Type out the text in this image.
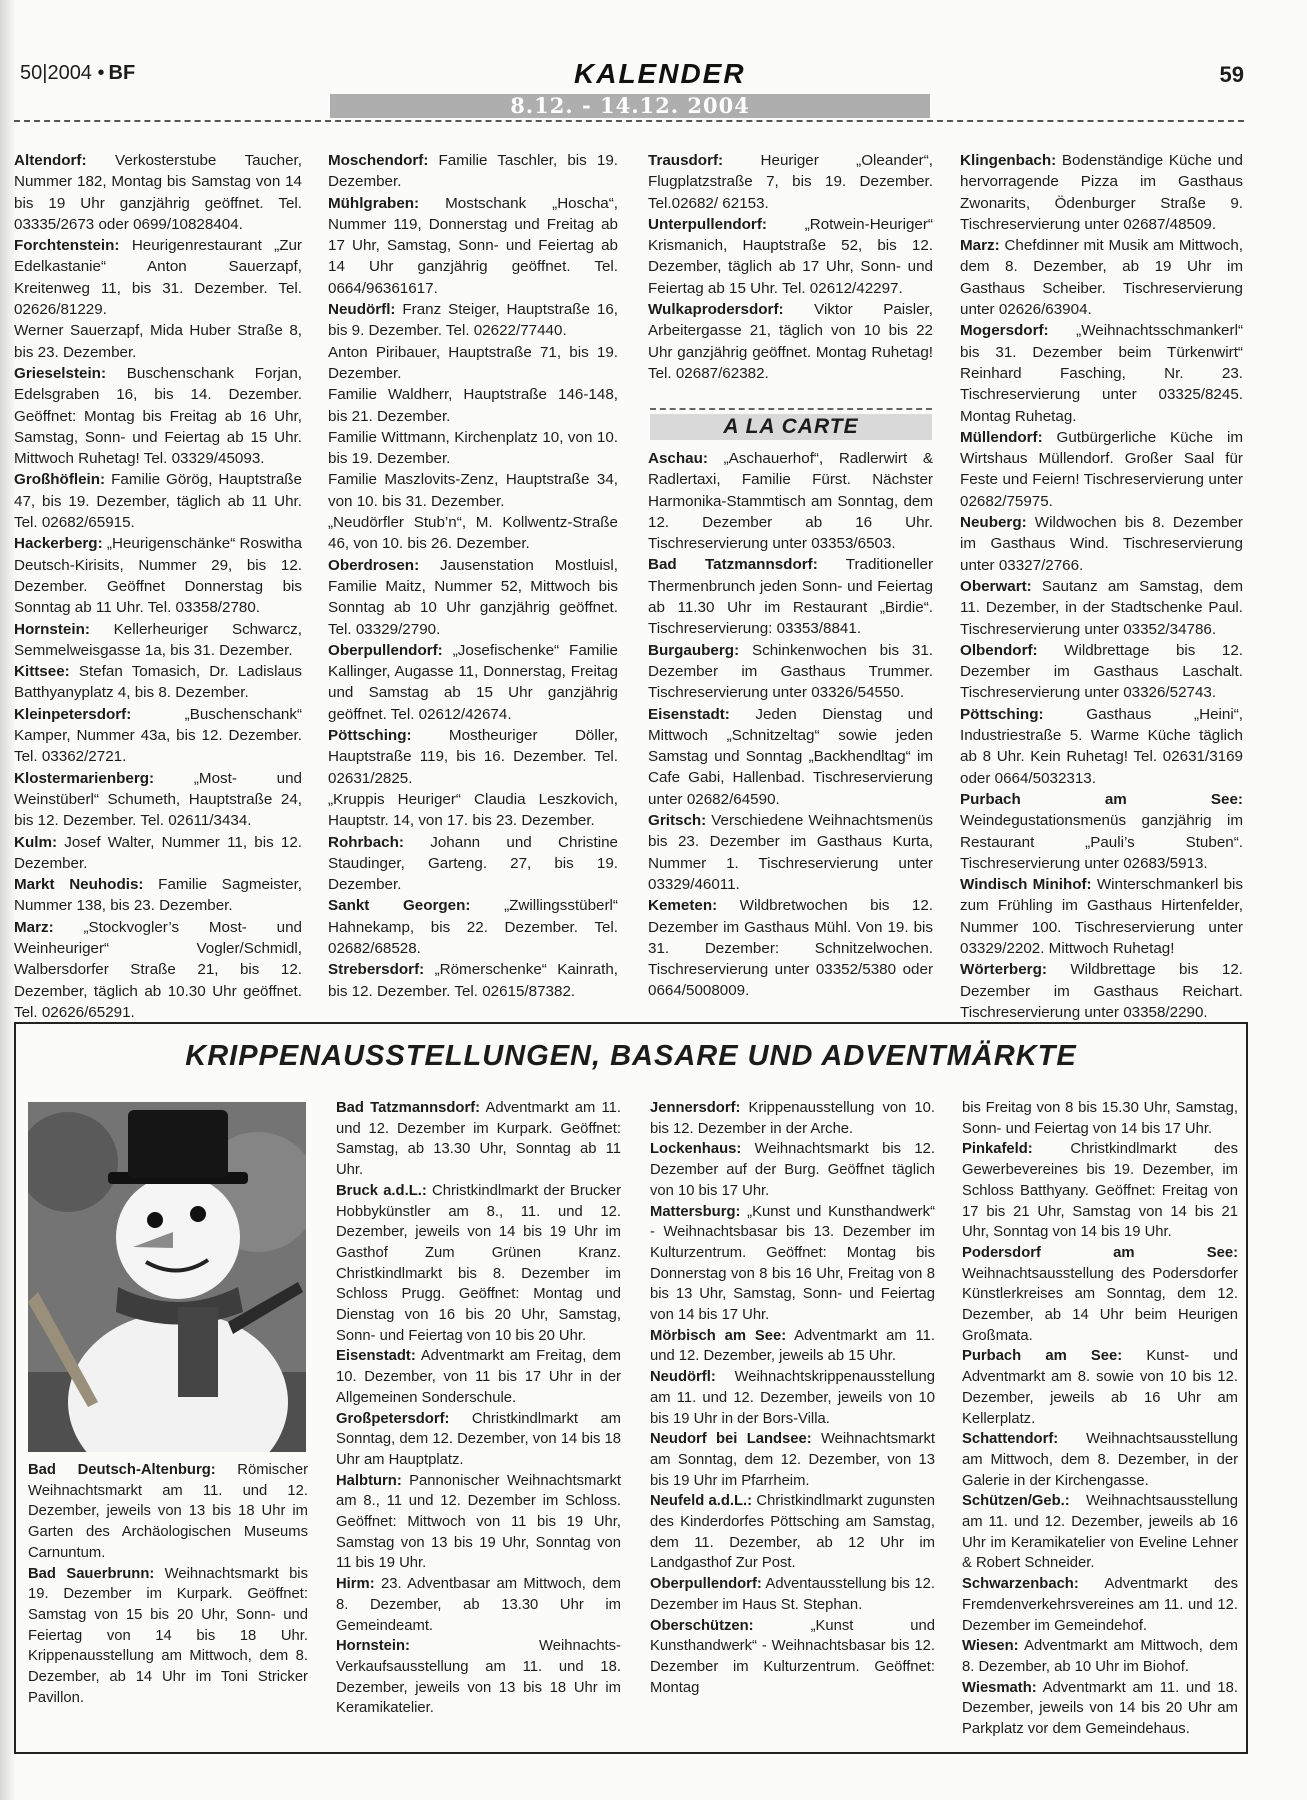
50|2004 • BF	KALENDER	59
8.12. - 14.12. 2004

Altendorf: Verkosterstube Taucher, Nummer 182, Montag bis Samstag von 14 bis 19 Uhr ganzjährig geöffnet. Tel. 03335/2673 oder 0699/10828404.

Forchtenstein: Heurigenrestaurant „Zur Edelkastanie“ Anton Sauerzapf, Kreitenweg 11, bis 31. Dezember. Tel. 02626/81229.

Werner Sauerzapf, Mida Huber Straße 8, bis 23. Dezember.

Grieselstein: Buschenschank Forjan, Edelsgraben 16, bis 14. Dezember. Geöffnet: Montag bis Freitag ab 16 Uhr, Samstag, Sonn- und Feiertag ab 15 Uhr. Mittwoch Ruhetag! Tel. 03329/45093.

Großhöflein: Familie Görög, Hauptstraße 47, bis 19. Dezember, täglich ab 11 Uhr. Tel. 02682/65915.

Hackerberg: „Heurigenschänke“ Roswitha Deutsch-Kirisits, Nummer 29, bis 12. Dezember. Geöffnet Donnerstag bis Sonntag ab 11 Uhr. Tel. 03358/2780.

Hornstein: Kellerheuriger Schwarcz, Semmelweisgasse 1a, bis 31. Dezember.

Kittsee: Stefan Tomasich, Dr. Ladislaus Batthyanyplatz 4, bis 8. Dezember.

Kleinpetersdorf: „Buschenschank“ Kamper, Nummer 43a, bis 12. Dezember. Tel. 03362/2721.

Klostermarienberg: „Most- und Weinstüberl“ Schumeth, Hauptstraße 24, bis 12. Dezember. Tel. 02611/3434.

Kulm: Josef Walter, Nummer 11, bis 12. Dezember.

Markt Neuhodis: Familie Sagmeister, Nummer 138, bis 23. Dezember.

Marz: „Stockvogler’s Most- und Weinheuriger“ Vogler/Schmidl, Walbersdorfer Straße 21, bis 12. Dezember, täglich ab 10.30 Uhr geöffnet. Tel. 02626/65291.

Moschendorf: Familie Taschler, bis 19. Dezember.

Mühlgraben: Mostschank „Hoscha“, Nummer 119, Donnerstag und Freitag ab 17 Uhr, Samstag, Sonn- und Feiertag ab 14 Uhr ganzjährig geöffnet. Tel. 0664/96361617.

Neudörfl: Franz Steiger, Hauptstraße 16, bis 9. Dezember. Tel. 02622/77440.

Anton Piribauer, Hauptstraße 71, bis 19. Dezember.

Familie Waldherr, Hauptstraße 146-148, bis 21. Dezember.

Familie Wittmann, Kirchenplatz 10, von 10. bis 19. Dezember.

Familie Maszlovits-Zenz, Hauptstraße 34, von 10. bis 31. Dezember.

„Neudörfler Stub’n“, M. Kollwentz-Straße 46, von 10. bis 26. Dezember.

Oberdrosen: Jausenstation Mostluisl, Familie Maitz, Nummer 52, Mittwoch bis Sonntag ab 10 Uhr ganzjährig geöffnet. Tel. 03329/2790.

Oberpullendorf: „Josefischenke“ Familie Kallinger, Augasse 11, Donnerstag, Freitag und Samstag ab 15 Uhr ganzjährig geöffnet. Tel. 02612/42674.

Pöttsching: Mostheuriger Döller, Hauptstraße 119, bis 16. Dezember. Tel. 02631/2825.

„Kruppis Heuriger“ Claudia Leszkovich, Hauptstr. 14, von 17. bis 23. Dezember.

Rohrbach: Johann und Christine Staudinger, Garteng. 27, bis 19. Dezember.

Sankt Georgen: „Zwillingsstüberl“ Hahnekamp, bis 22. Dezember. Tel. 02682/68528.

Strebersdorf: „Römerschenke“ Kainrath, bis 12. Dezember. Tel. 02615/87382.

Trausdorf: Heuriger „Oleander“, Flugplatzstraße 7, bis 19. Dezember. Tel.02682/ 62153.

Unterpullendorf: „Rotwein-Heuriger“ Krismanich, Hauptstraße 52, bis 12. Dezember, täglich ab 17 Uhr, Sonn- und Feiertag ab 15 Uhr. Tel. 02612/42297.

Wulkaprodersdorf: Viktor Paisler, Arbeitergasse 21, täglich von 10 bis 22 Uhr ganzjährig geöffnet. Montag Ruhetag! Tel. 02687/62382.

A LA CARTE

Aschau: „Aschauerhof“, Radlerwirt & Radlertaxi, Familie Fürst. Nächster Harmonika-Stammtisch am Sonntag, dem 12. Dezember ab 16 Uhr. Tischreservierung unter 03353/6503.

Bad Tatzmannsdorf: Traditioneller Thermenbrunch jeden Sonn- und Feiertag ab 11.30 Uhr im Restaurant „Birdie“. Tischreservierung: 03353/8841.

Burgauberg: Schinkenwochen bis 31. Dezember im Gasthaus Trummer. Tischreservierung unter 03326/54550.

Eisenstadt: Jeden Dienstag und Mittwoch „Schnitzeltag“ sowie jeden Samstag und Sonntag „Backhendltag“ im Cafe Gabi, Hallenbad. Tischreservierung unter 02682/64590.

Gritsch: Verschiedene Weihnachtsmenüs bis 23. Dezember im Gasthaus Kurta, Nummer 1. Tischreservierung unter 03329/46011.

Kemeten: Wildbretwochen bis 12. Dezember im Gasthaus Mühl. Von 19. bis 31. Dezember: Schnitzelwochen. Tischreservierung unter 03352/5380 oder 0664/5008009.

Klingenbach: Bodenständige Küche und hervorragende Pizza im Gasthaus Zwonarits, Ödenburger Straße 9. Tischreservierung unter 02687/48509.

Marz: Chefdinner mit Musik am Mittwoch, dem 8. Dezember, ab 19 Uhr im Gasthaus Scheiber. Tischreservierung unter 02626/63904.

Mogersdorf: „Weihnachtsschmankerl“ bis 31. Dezember beim Türkenwirt“ Reinhard Fasching, Nr. 23. Tischreservierung unter 03325/8245. Montag Ruhetag.

Müllendorf: Gutbürgerliche Küche im Wirtshaus Müllendorf. Großer Saal für Feste und Feiern! Tischreservierung unter 02682/75975.

Neuberg: Wildwochen bis 8. Dezember im Gasthaus Wind. Tischreservierung unter 03327/2766.

Oberwart: Sautanz am Samstag, dem 11. Dezember, in der Stadtschenke Paul. Tischreservierung unter 03352/34786.

Olbendorf: Wildbrettage bis 12. Dezember im Gasthaus Laschalt. Tischreservierung unter 03326/52743.

Pöttsching: Gasthaus „Heini“, Industriestraße 5. Warme Küche täglich ab 8 Uhr. Kein Ruhetag! Tel. 02631/3169 oder 0664/5032313.

Purbach am See: Weindegustationsmenüs ganzjährig im Restaurant „Pauli’s Stuben“. Tischreservierung unter 02683/5913.

Windisch Minihof: Winterschmankerl bis zum Frühling im Gasthaus Hirtenfelder, Nummer 100. Tischreservierung unter 03329/2202. Mittwoch Ruhetag!

Wörterberg: Wildbrettage bis 12. Dezember im Gasthaus Reichart. Tischreservierung unter 03358/2290.

KRIPPENAUSSTELLUNGEN, BASARE UND ADVENTMÄRKTE

Bad Deutsch-Altenburg: Römischer Weihnachtsmarkt am 11. und 12. Dezember, jeweils von 13 bis 18 Uhr im Garten des Archäologischen Museums Carnuntum.

Bad Sauerbrunn: Weihnachtsmarkt bis 19. Dezember im Kurpark. Geöffnet: Samstag von 15 bis 20 Uhr, Sonn- und Feiertag von 14 bis 18 Uhr. Krippenausstellung am Mittwoch, dem 8. Dezember, ab 14 Uhr im Toni Stricker Pavillon.

Bad Tatzmannsdorf: Adventmarkt am 11. und 12. Dezember im Kurpark. Geöffnet: Samstag, ab 13.30 Uhr, Sonntag ab 11 Uhr.

Bruck a.d.L.: Christkindlmarkt der Brucker Hobbykünstler am 8., 11. und 12. Dezember, jeweils von 14 bis 19 Uhr im Gasthof Zum Grünen Kranz. Christkindlmarkt bis 8. Dezember im Schloss Prugg. Geöffnet: Montag und Dienstag von 16 bis 20 Uhr, Samstag, Sonn- und Feiertag von 10 bis 20 Uhr.

Eisenstadt: Adventmarkt am Freitag, dem 10. Dezember, von 11 bis 17 Uhr in der Allgemeinen Sonderschule.

Großpetersdorf: Christkindlmarkt am Sonntag, dem 12. Dezember, von 14 bis 18 Uhr am Hauptplatz.

Halbturn: Pannonischer Weihnachtsmarkt am 8., 11 und 12. Dezember im Schloss. Geöffnet: Mittwoch von 11 bis 19 Uhr, Samstag von 13 bis 19 Uhr, Sonntag von 11 bis 19 Uhr.

Hirm: 23. Adventbasar am Mittwoch, dem 8. Dezember, ab 13.30 Uhr im Gemeindeamt.

Hornstein: Weihnachts-Verkaufsausstellung am 11. und 18. Dezember, jeweils von 13 bis 18 Uhr im Keramikatelier.

Jennersdorf: Krippenausstellung von 10. bis 12. Dezember in der Arche.

Lockenhaus: Weihnachtsmarkt bis 12. Dezember auf der Burg. Geöffnet täglich von 10 bis 17 Uhr.

Mattersburg: „Kunst und Kunsthandwerk“ - Weihnachtsbasar bis 13. Dezember im Kulturzentrum. Geöffnet: Montag bis Donnerstag von 8 bis 16 Uhr, Freitag von 8 bis 13 Uhr, Samstag, Sonn- und Feiertag von 14 bis 17 Uhr.

Mörbisch am See: Adventmarkt am 11. und 12. Dezember, jeweils ab 15 Uhr.

Neudörfl: Weihnachtskrippenausstellung am 11. und 12. Dezember, jeweils von 10 bis 19 Uhr in der Bors-Villa.

Neudorf bei Landsee: Weihnachtsmarkt am Sonntag, dem 12. Dezember, von 13 bis 19 Uhr im Pfarrheim.

Neufeld a.d.L.: Christkindlmarkt zugunsten des Kinderdorfes Pöttsching am Samstag, dem 11. Dezember, ab 12 Uhr im Landgasthof Zur Post.

Oberpullendorf: Adventausstellung bis 12. Dezember im Haus St. Stephan.

Oberschützen: „Kunst und Kunsthandwerk“ - Weihnachtsbasar bis 12. Dezember im Kulturzentrum. Geöffnet: Montag

bis Freitag von 8 bis 15.30 Uhr, Samstag, Sonn- und Feiertag von 14 bis 17 Uhr.

Pinkafeld: Christkindlmarkt des Gewerbevereines bis 19. Dezember, im Schloss Batthyany. Geöffnet: Freitag von 17 bis 21 Uhr, Samstag von 14 bis 21 Uhr, Sonntag von 14 bis 19 Uhr.

Podersdorf am See: Weihnachtsausstellung des Podersdorfer Künstlerkreises am Sonntag, dem 12. Dezember, ab 14 Uhr beim Heurigen Großmata.

Purbach am See: Kunst- und Adventmarkt am 8. sowie von 10 bis 12. Dezember, jeweils ab 16 Uhr am Kellerplatz.

Schattendorf: Weihnachtsausstellung am Mittwoch, dem 8. Dezember, in der Galerie in der Kirchengasse.

Schützen/Geb.: Weihnachtsausstellung am 11. und 12. Dezember, jeweils ab 16 Uhr im Keramikatelier von Eveline Lehner & Robert Schneider.

Schwarzenbach: Adventmarkt des Fremdenverkehrsvereines am 11. und 12. Dezember im Gemeindehof.

Wiesen: Adventmarkt am Mittwoch, dem 8. Dezember, ab 10 Uhr im Biohof.

Wiesmath: Adventmarkt am 11. und 18. Dezember, jeweils von 14 bis 20 Uhr am Parkplatz vor dem Gemeindehaus.
